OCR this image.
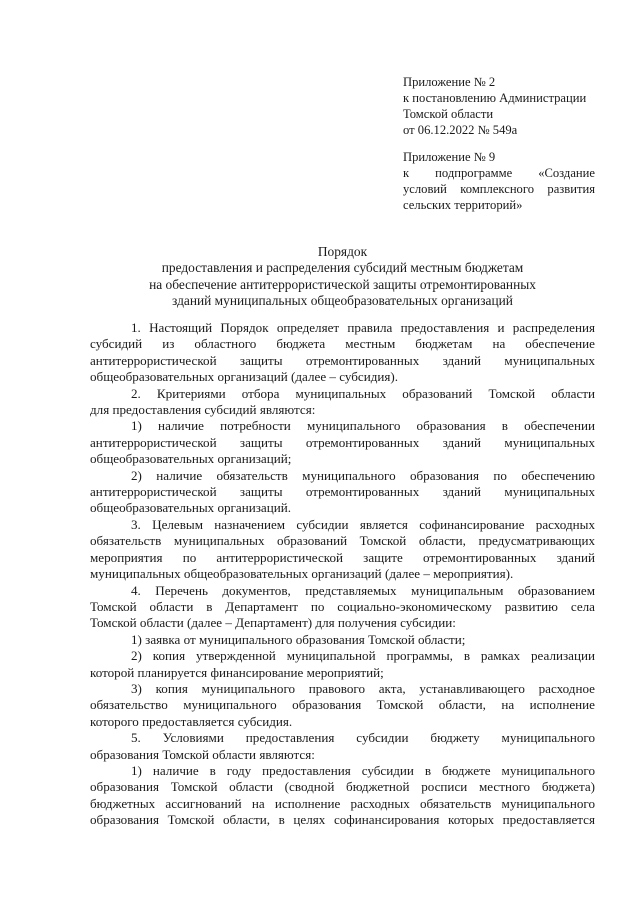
Приложение № 2
к постановлению Администрации
Томской области
от 06.12.2022 № 549а
Приложение № 9
к подпрограмме «Создание
условий комплексного развития
сельских территорий»
Порядок
предоставления и распределения субсидий местным бюджетам
на обеспечение антитеррористической защиты отремонтированных
зданий муниципальных общеобразовательных организаций
1. Настоящий Порядок определяет правила предоставления и распределения
субсидий из областного бюджета местным бюджетам на обеспечение
антитеррористической защиты отремонтированных зданий муниципальных
общеобразовательных организаций (далее – субсидия).
2. Критериями отбора муниципальных образований Томской области
для предоставления субсидий являются:
1) наличие потребности муниципального образования в обеспечении
антитеррористической защиты отремонтированных зданий муниципальных
общеобразовательных организаций;
2) наличие обязательств муниципального образования по обеспечению
антитеррористической защиты отремонтированных зданий муниципальных
общеобразовательных организаций.
3. Целевым назначением субсидии является софинансирование расходных
обязательств муниципальных образований Томской области, предусматривающих
мероприятия по антитеррористической защите отремонтированных зданий
муниципальных общеобразовательных организаций (далее – мероприятия).
4. Перечень документов, представляемых муниципальным образованием
Томской области в Департамент по социально-экономическому развитию села
Томской области (далее – Департамент) для получения субсидии:
1) заявка от муниципального образования Томской области;
2) копия утвержденной муниципальной программы, в рамках реализации
которой планируется финансирование мероприятий;
3) копия муниципального правового акта, устанавливающего расходное
обязательство муниципального образования Томской области, на исполнение
которого предоставляется субсидия.
5. Условиями предоставления субсидии бюджету муниципального
образования Томской области являются:
1) наличие в году предоставления субсидии в бюджете муниципального
образования Томской области (сводной бюджетной росписи местного бюджета)
бюджетных ассигнований на исполнение расходных обязательств муниципального
образования Томской области, в целях софинансирования которых предоставляется
